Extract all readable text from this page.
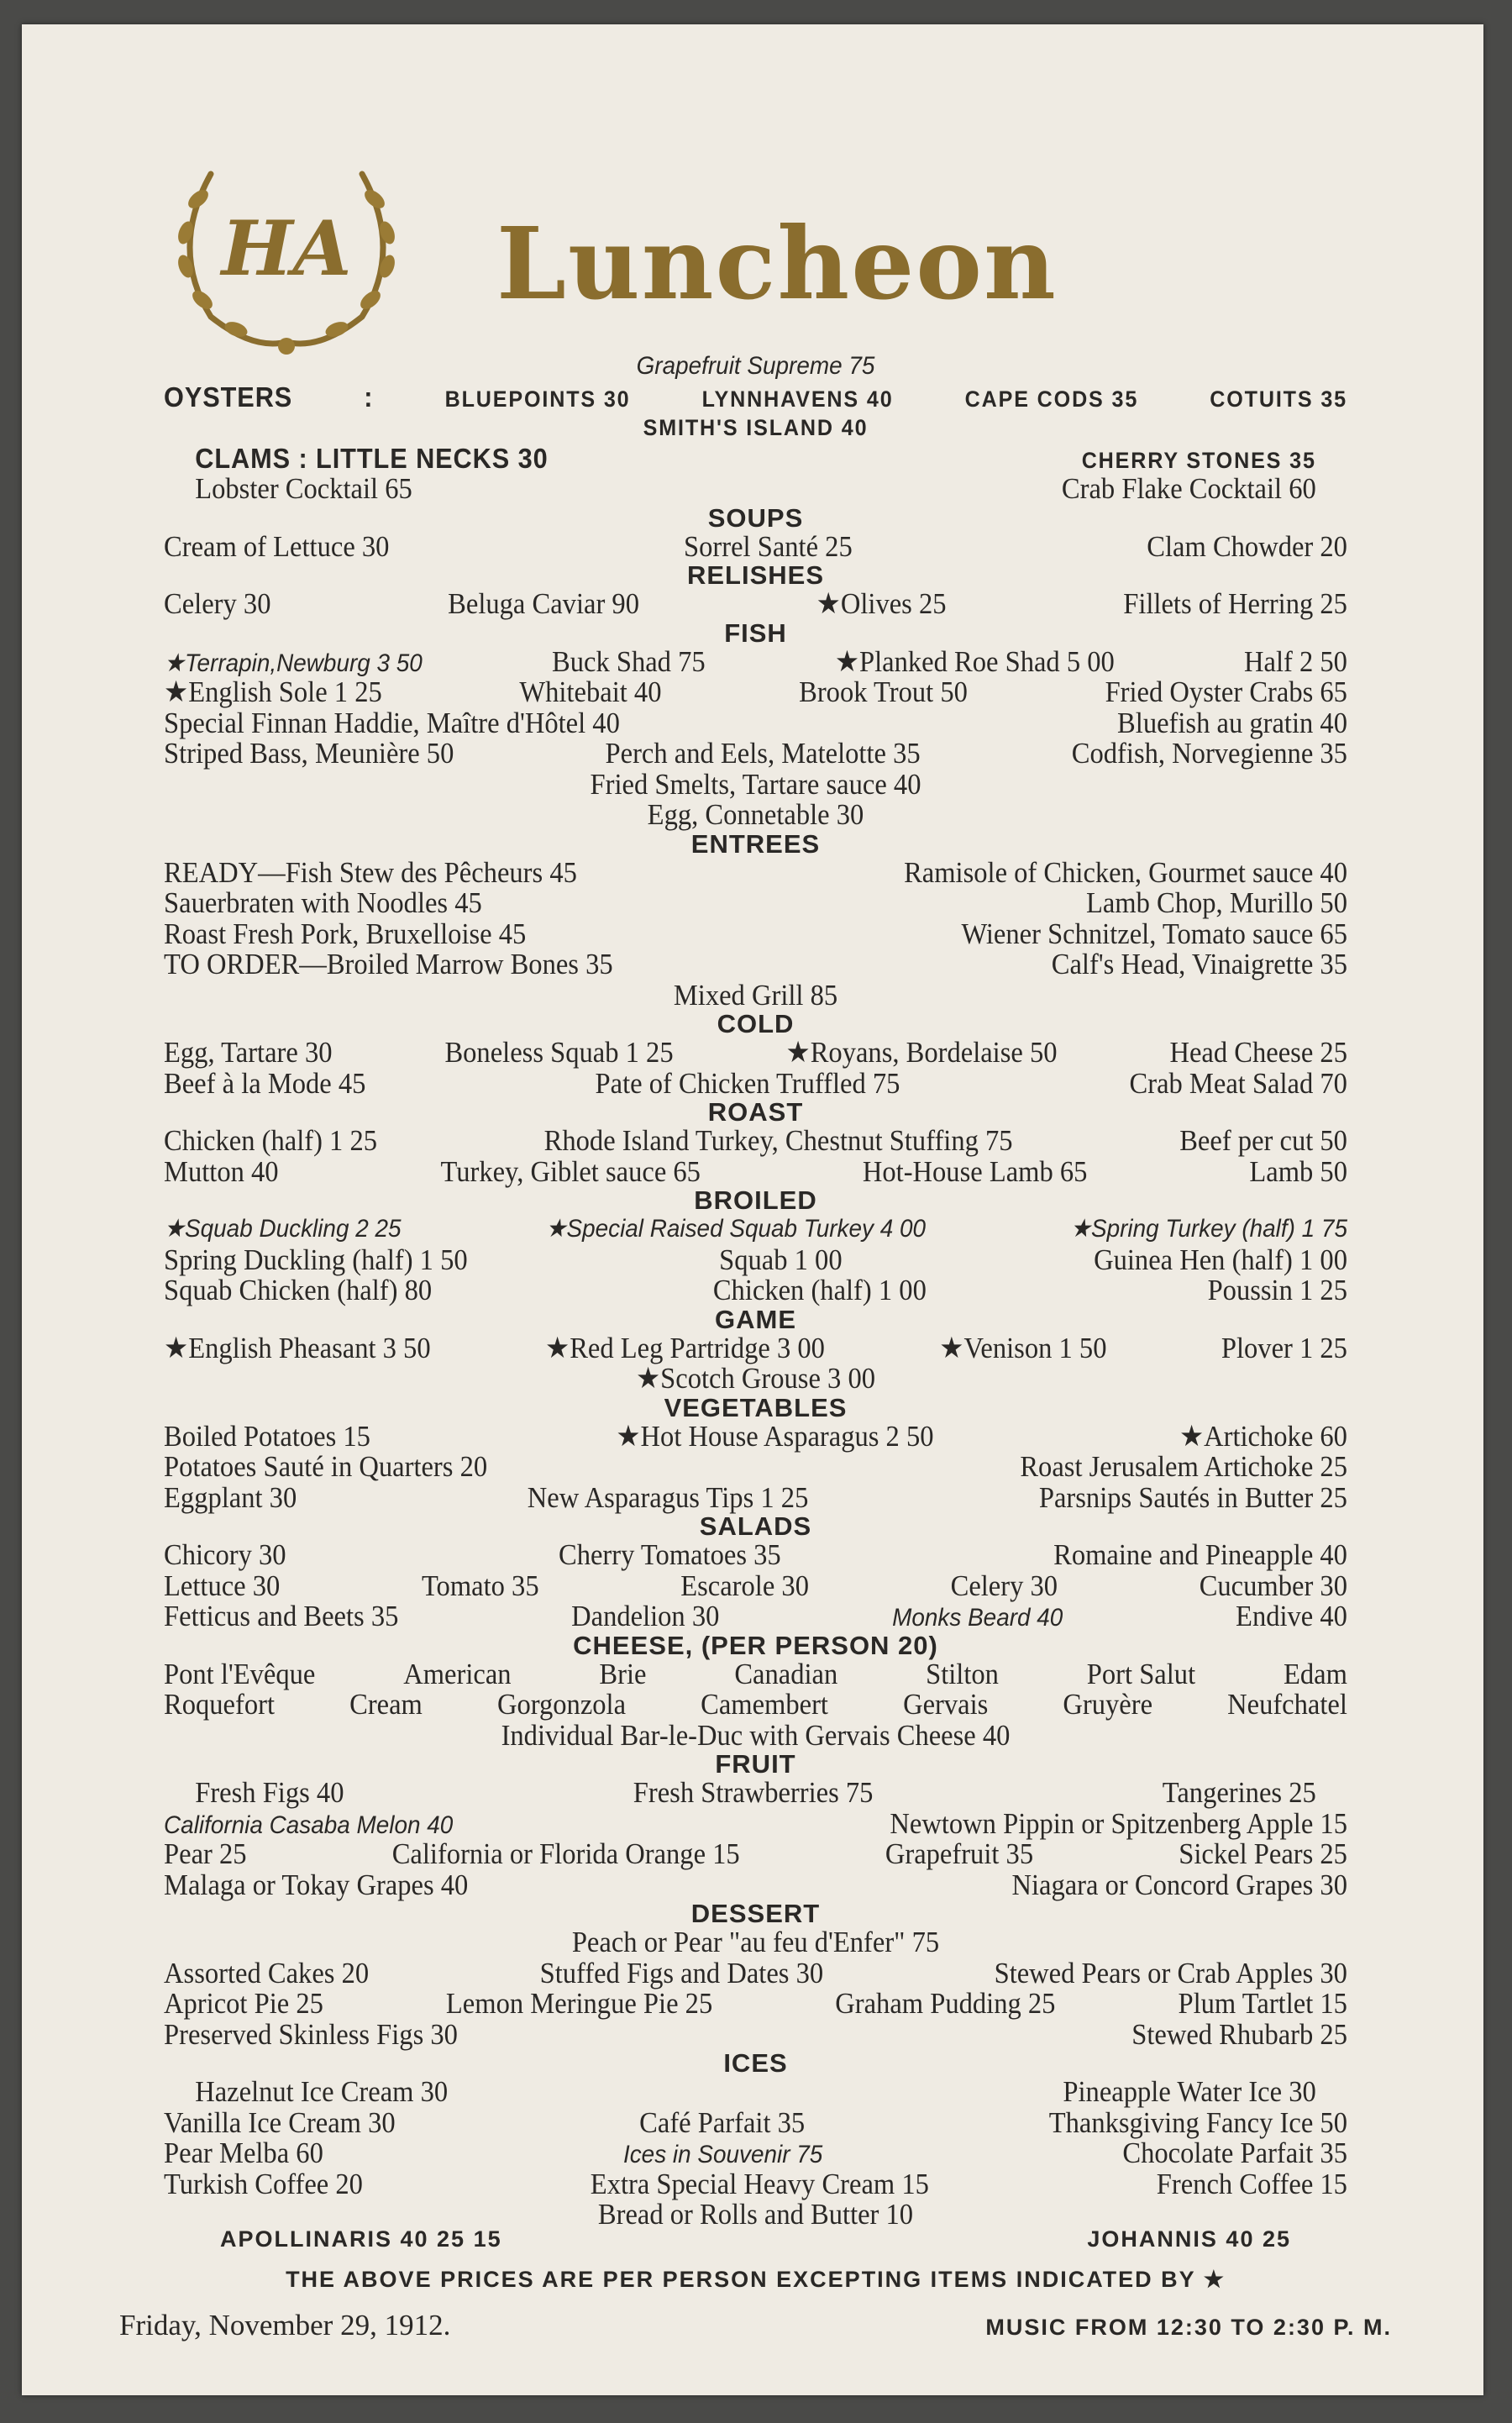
HA Luncheon
Grapefruit Supreme 75
OYSTERS	:	BLUEPOINTS 30	LYNNHAVENS 40	CAPE CODS 35	COTUITS 35
SMITH'S ISLAND 40
CLAMS : LITTLE NECKS 30	CHERRY STONES 35
Lobster Cocktail 65	Crab Flake Cocktail 60
SOUPS
Cream of Lettuce 30	Sorrel Santé 25	Clam Chowder 20
RELISHES
Celery 30	Beluga Caviar 90	★Olives 25	Fillets of Herring 25
FISH
★Terrapin,Newburg 3 50	Buck Shad 75	★Planked Roe Shad 5 00	Half 2 50
★English Sole 1 25	Whitebait 40	Brook Trout 50	Fried Oyster Crabs 65
Special Finnan Haddie, Maître d'Hôtel 40	Bluefish au gratin 40
Striped Bass, Meunière 50	Perch and Eels, Matelotte 35	Codfish, Norvegienne 35
Fried Smelts, Tartare sauce 40
Egg, Connetable 30
ENTREES
READY—Fish Stew des Pêcheurs 45	Ramisole of Chicken, Gourmet sauce 40
Sauerbraten with Noodles 45	Lamb Chop, Murillo 50
Roast Fresh Pork, Bruxelloise 45	Wiener Schnitzel, Tomato sauce 65
TO ORDER—Broiled Marrow Bones 35	Calf's Head, Vinaigrette 35
Mixed Grill 85
COLD
Egg, Tartare 30	Boneless Squab 1 25	★Royans, Bordelaise 50	Head Cheese 25
Beef à la Mode 45	Pate of Chicken Truffled 75	Crab Meat Salad 70
ROAST
Chicken (half) 1 25	Rhode Island Turkey, Chestnut Stuffing 75	Beef per cut 50
Mutton 40	Turkey, Giblet sauce 65	Hot-House Lamb 65	Lamb 50
BROILED
★Squab Duckling 2 25	★Special Raised Squab Turkey 4 00	★Spring Turkey (half) 1 75
Spring Duckling (half) 1 50	Squab 1 00	Guinea Hen (half) 1 00
Squab Chicken (half) 80	Chicken (half) 1 00	Poussin 1 25
GAME
★English Pheasant 3 50	★Red Leg Partridge 3 00	★Venison 1 50	Plover 1 25
★Scotch Grouse 3 00
VEGETABLES
Boiled Potatoes 15	★Hot House Asparagus 2 50	★Artichoke 60
Potatoes Sauté in Quarters 20	Roast Jerusalem Artichoke 25
Eggplant 30	New Asparagus Tips 1 25	Parsnips Sautés in Butter 25
SALADS
Chicory 30	Cherry Tomatoes 35	Romaine and Pineapple 40
Lettuce 30	Tomato 35	Escarole 30	Celery 30	Cucumber 30
Fetticus and Beets 35	Dandelion 30	Monks Beard 40	Endive 40
CHEESE, (PER PERSON 20)
Pont l'Evêque	American	Brie	Canadian	Stilton	Port Salut	Edam
Roquefort	Cream	Gorgonzola	Camembert	Gervais	Gruyère	Neufchatel
Individual Bar-le-Duc with Gervais Cheese 40
FRUIT
Fresh Figs 40	Fresh Strawberries 75	Tangerines 25
California Casaba Melon 40	Newtown Pippin or Spitzenberg Apple 15
Pear 25	California or Florida Orange 15	Grapefruit 35	Sickel Pears 25
Malaga or Tokay Grapes 40	Niagara or Concord Grapes 30
DESSERT
Peach or Pear "au feu d'Enfer" 75
Assorted Cakes 20	Stuffed Figs and Dates 30	Stewed Pears or Crab Apples 30
Apricot Pie 25	Lemon Meringue Pie 25	Graham Pudding 25	Plum Tartlet 15
Preserved Skinless Figs 30	Stewed Rhubarb 25
ICES
Hazelnut Ice Cream 30	Pineapple Water Ice 30
Vanilla Ice Cream 30	Café Parfait 35	Thanksgiving Fancy Ice 50
Pear Melba 60	Ices in Souvenir 75	Chocolate Parfait 35
Turkish Coffee 20	Extra Special Heavy Cream 15	French Coffee 15
Bread or Rolls and Butter 10
APOLLINARIS 40 25 15	JOHANNIS 40 25
THE ABOVE PRICES ARE PER PERSON EXCEPTING ITEMS INDICATED BY ★
Friday, November 29, 1912.	MUSIC FROM 12:30 TO 2:30 P. M.
